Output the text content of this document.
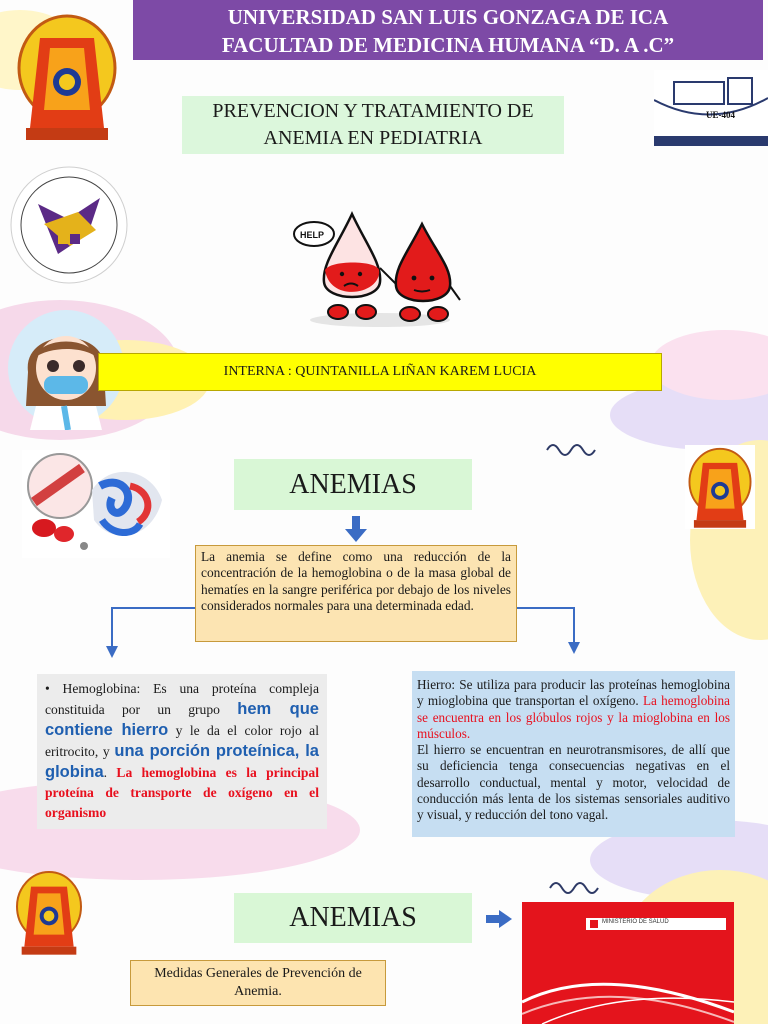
UNIVERSIDAD SAN LUIS GONZAGA DE ICA
FACULTAD DE MEDICINA HUMANA “D. A .C”
UE-404
PREVENCION Y TRATAMIENTO DE
ANEMIA EN PEDIATRIA
HELP
INTERNA : QUINTANILLA LIÑAN KAREM LUCIA
ANEMIAS
La anemia se define como una reducción de la concentración de la hemoglobina o de la masa global de hematíes en la sangre periférica por debajo de los niveles considerados normales para una determinada edad.
• Hemoglobina: Es una proteína compleja constituida por un grupo hem que contiene hierro y le da el color rojo al eritrocito, y una porción proteínica, la globina. La hemoglobina es la principal proteína de transporte de oxígeno en el organismo
Hierro: Se utiliza para producir las proteínas hemoglobina y mioglobina que transportan el oxígeno. La hemoglobina se encuentra en los glóbulos rojos y la mioglobina en los músculos.
El hierro se encuentran en neurotransmisores, de allí que su deficiencia tenga consecuencias negativas en el desarrollo conductual, mental y motor, velocidad de conducción más lenta de los sistemas sensoriales auditivo y visual, y reducción del tono vagal.
ANEMIAS
Medidas Generales de Prevención de Anemia.
MINISTERIO DE SALUD
